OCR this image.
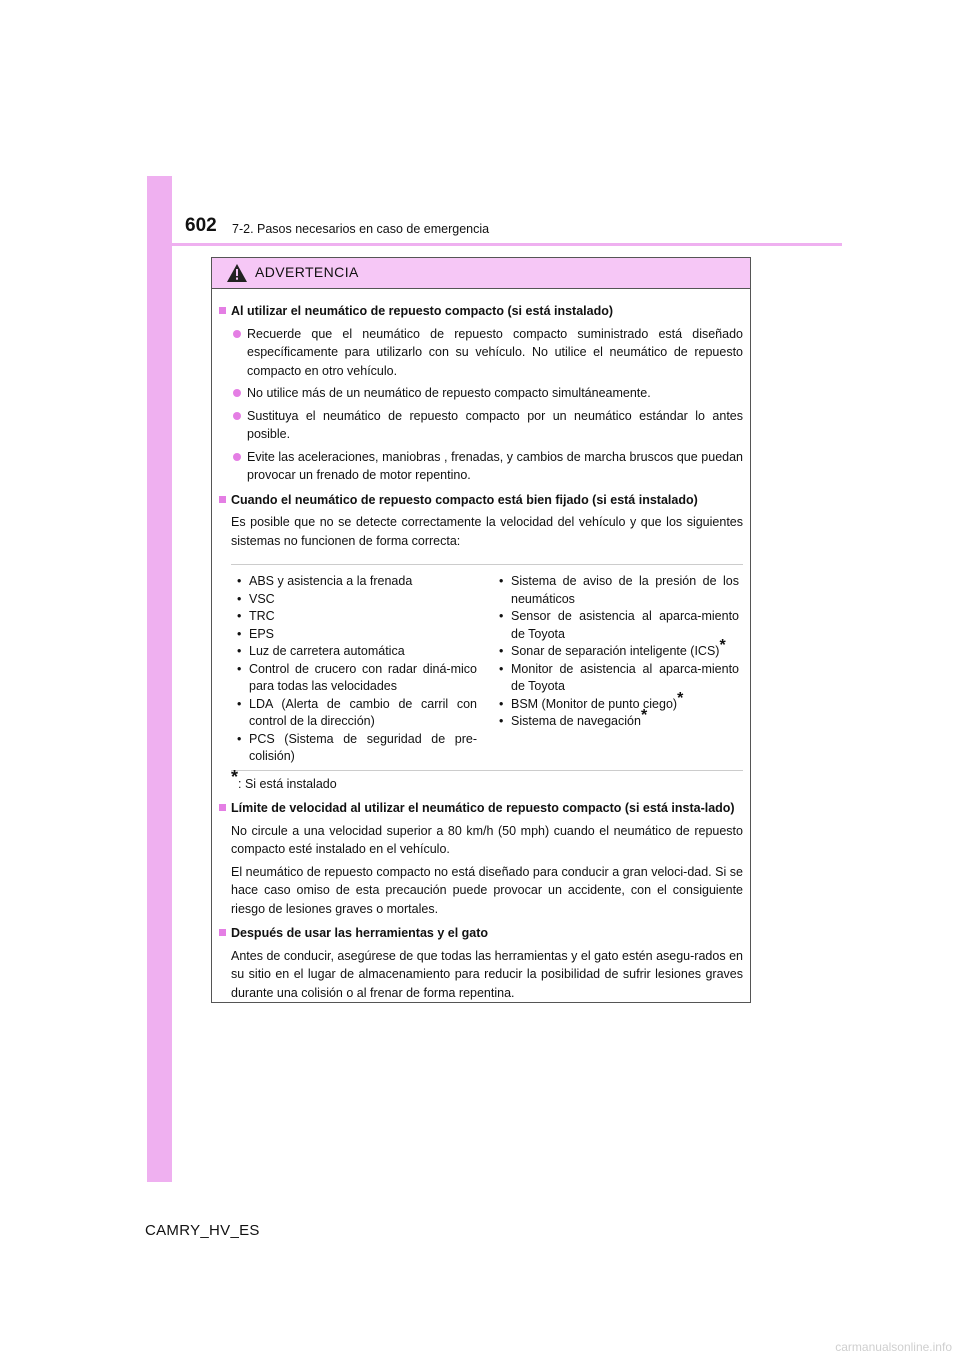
602 7-2. Pasos necesarios en caso de emergencia
ADVERTENCIA
Al utilizar el neumático de repuesto compacto (si está instalado)
Recuerde que el neumático de repuesto compacto suministrado está diseñado específicamente para utilizarlo con su vehículo. No utilice el neumático de repuesto compacto en otro vehículo.
No utilice más de un neumático de repuesto compacto simultáneamente.
Sustituya el neumático de repuesto compacto por un neumático estándar lo antes posible.
Evite las aceleraciones, maniobras , frenadas, y cambios de marcha bruscos que puedan provocar un frenado de motor repentino.
Cuando el neumático de repuesto compacto está bien fijado (si está instalado)
Es posible que no se detecte correctamente la velocidad del vehículo y que los siguientes sistemas no funcionen de forma correcta:
• ABS y asistencia a la frenada
• VSC
• TRC
• EPS
• Luz de carretera automática
• Control de crucero con radar diná-mico para todas las velocidades
• LDA (Alerta de cambio de carril con control de la dirección)
• PCS (Sistema de seguridad de pre-colisión)
• Sistema de aviso de la presión de los neumáticos
• Sensor de asistencia al aparca-miento de Toyota
• Sonar de separación inteligente (ICS)*
• Monitor de asistencia al aparca-miento de Toyota
• BSM (Monitor de punto ciego)*
• Sistema de navegación*
*: Si está instalado
Límite de velocidad al utilizar el neumático de repuesto compacto (si está insta-lado)
No circule a una velocidad superior a 80 km/h (50 mph) cuando el neumático de repuesto compacto esté instalado en el vehículo.
El neumático de repuesto compacto no está diseñado para conducir a gran veloci-dad. Si se hace caso omiso de esta precaución puede provocar un accidente, con el consiguiente riesgo de lesiones graves o mortales.
Después de usar las herramientas y el gato
Antes de conducir, asegúrese de que todas las herramientas y el gato estén asegu-rados en su sitio en el lugar de almacenamiento para reducir la posibilidad de sufrir lesiones graves durante una colisión o al frenar de forma repentina.
CAMRY_HV_ES
carmanualsonline.info
